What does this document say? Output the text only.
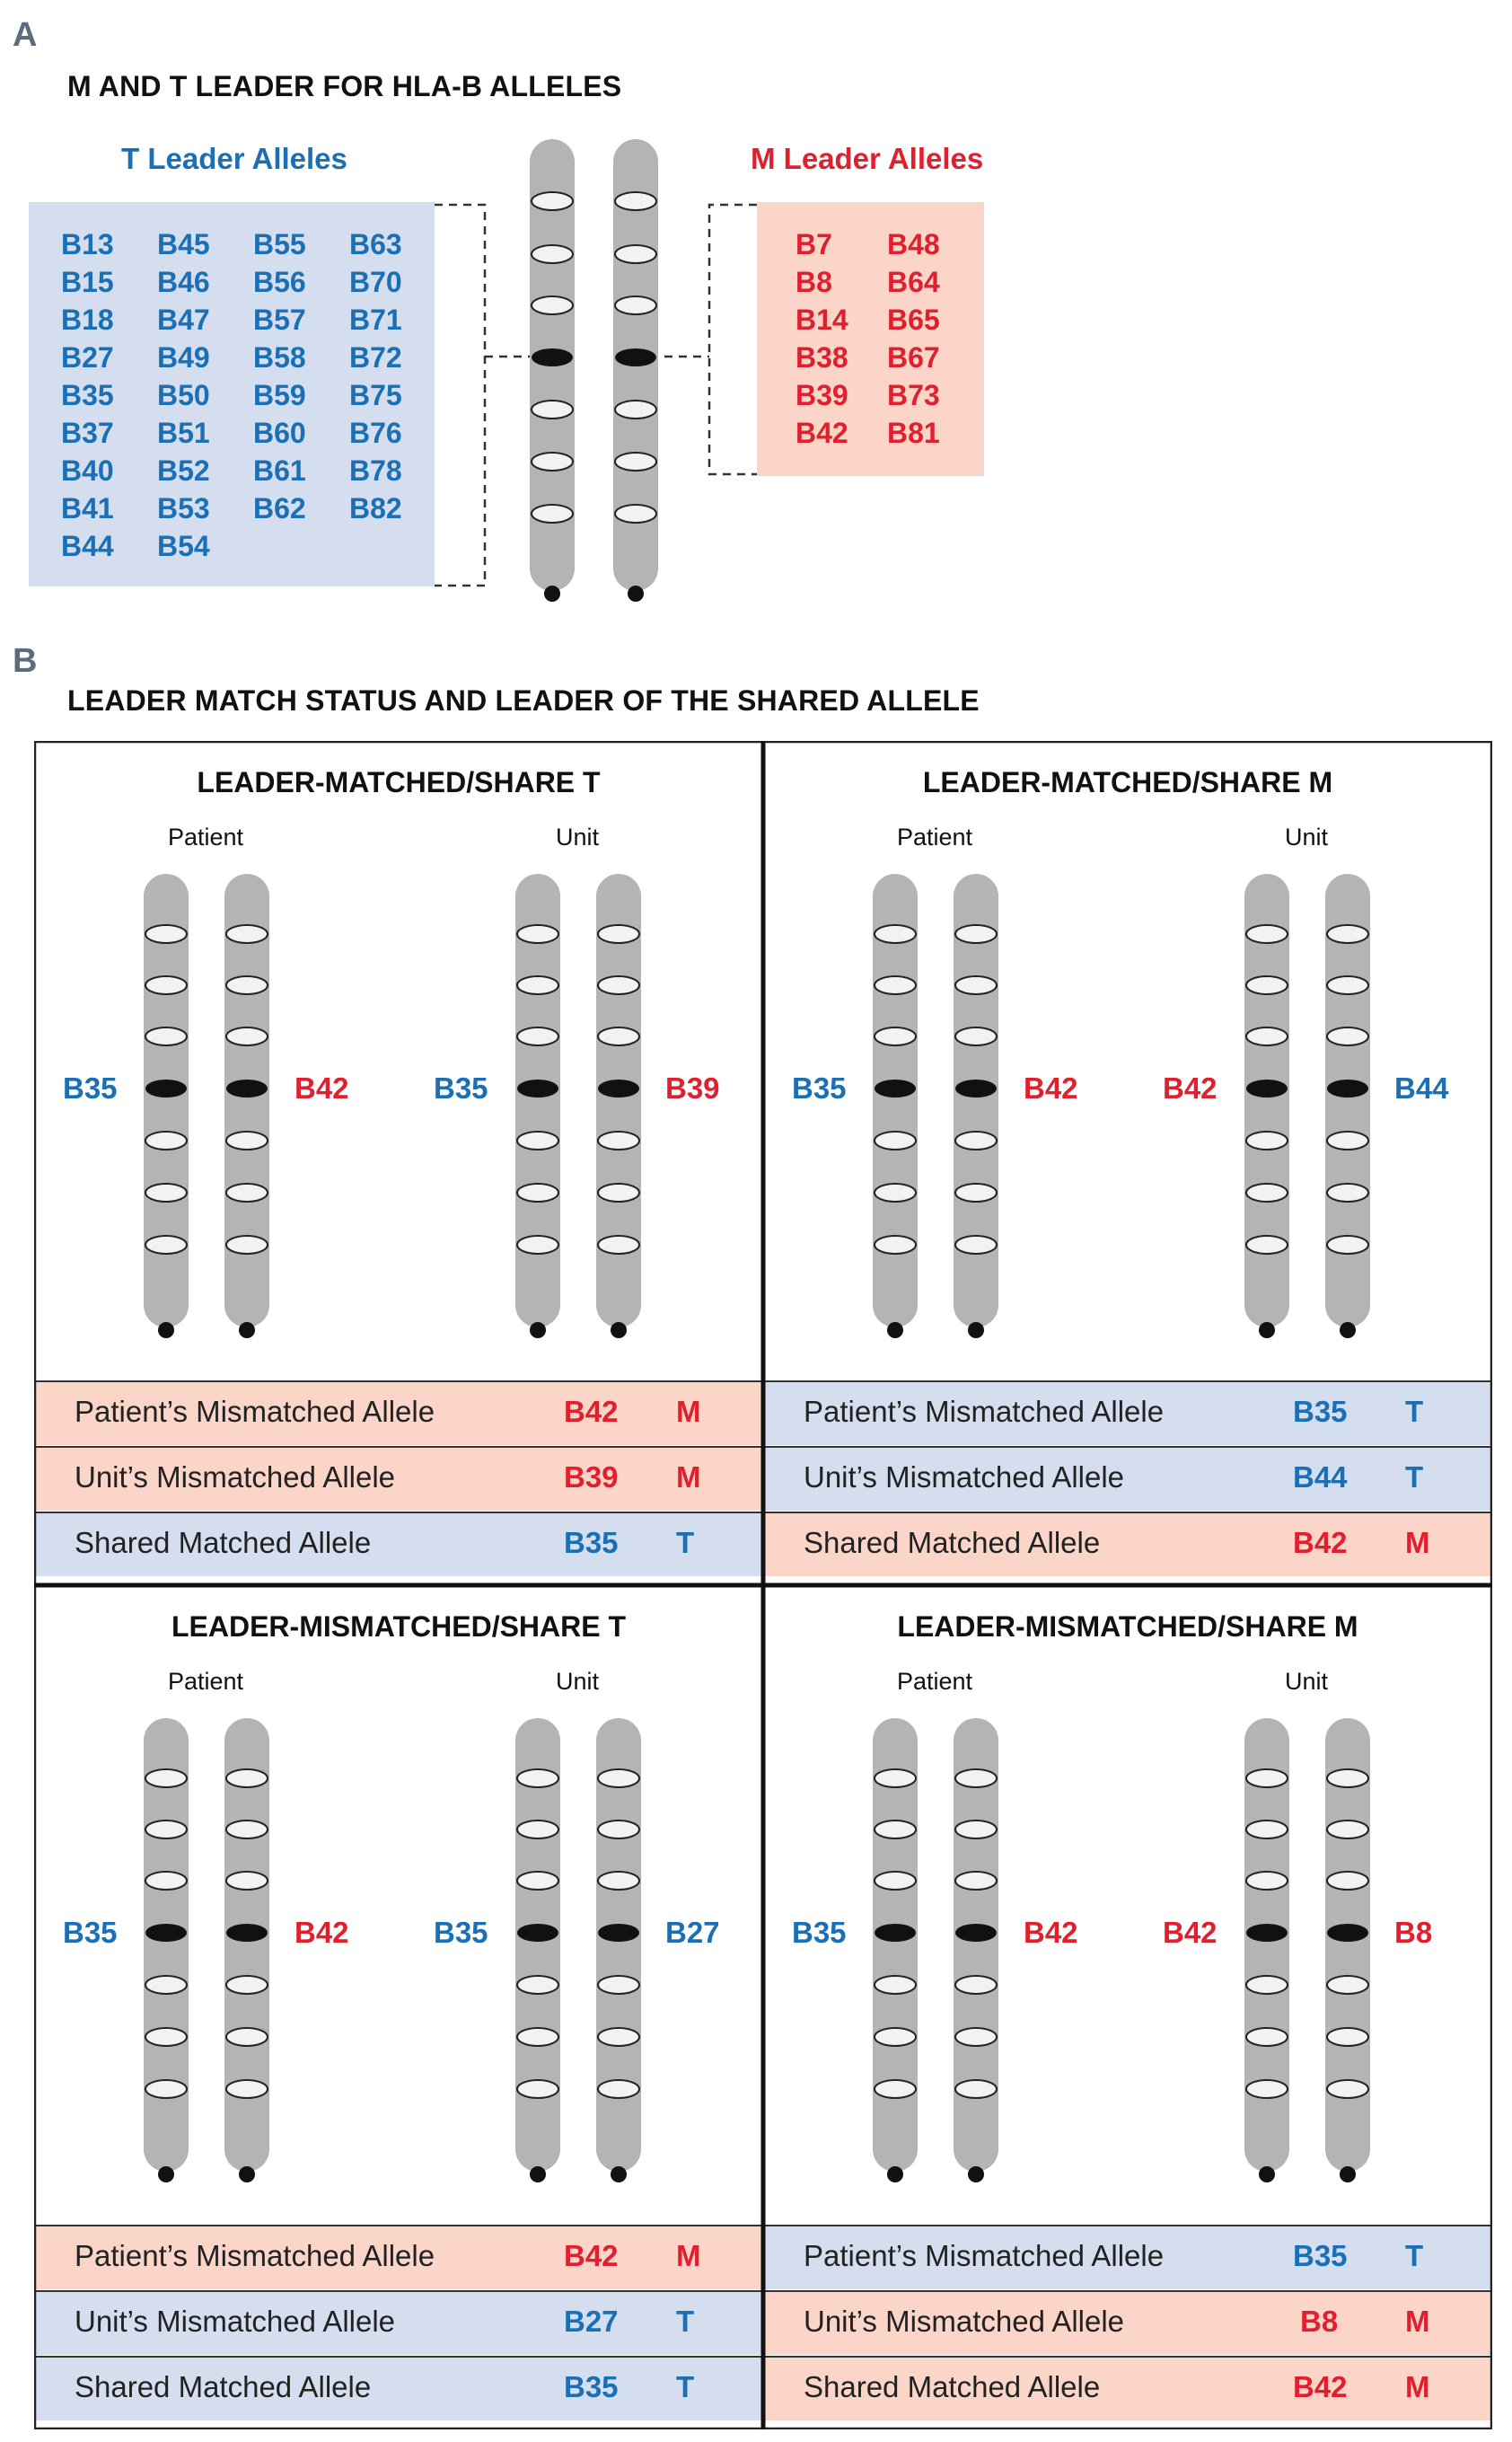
A
M AND T LEADER FOR HLA-B ALLELES
T Leader Alleles	M Leader Alleles
B13 B45 B55 B63
B15 B46 B56 B70
B18 B47 B57 B71
B27 B49 B58 B72
B35 B50 B59 B75
B37 B51 B60 B76
B40 B52 B61 B78
B41 B53 B62 B82
B44 B54
B7 B48
B8 B64
B14 B65
B38 B67
B39 B73
B42 B81
B
LEADER MATCH STATUS AND LEADER OF THE SHARED ALLELE
LEADER-MATCHED/SHARE T
Patient	Unit
B35	B42	B35	B39
Patient’s Mismatched Allele	B42 M
Unit’s Mismatched Allele	B39 M
Shared Matched Allele	B35 T
LEADER-MATCHED/SHARE M
Patient	Unit
B35	B42	B42	B44
Patient’s Mismatched Allele	B35 T
Unit’s Mismatched Allele	B44 T
Shared Matched Allele	B42 M
LEADER-MISMATCHED/SHARE T
Patient	Unit
B35	B42	B35	B27
Patient’s Mismatched Allele	B42 M
Unit’s Mismatched Allele	B27 T
Shared Matched Allele	B35 T
LEADER-MISMATCHED/SHARE M
Patient	Unit
B35	B42	B42	B8
Patient’s Mismatched Allele	B35 T
Unit’s Mismatched Allele	B8 M
Shared Matched Allele	B42 M
